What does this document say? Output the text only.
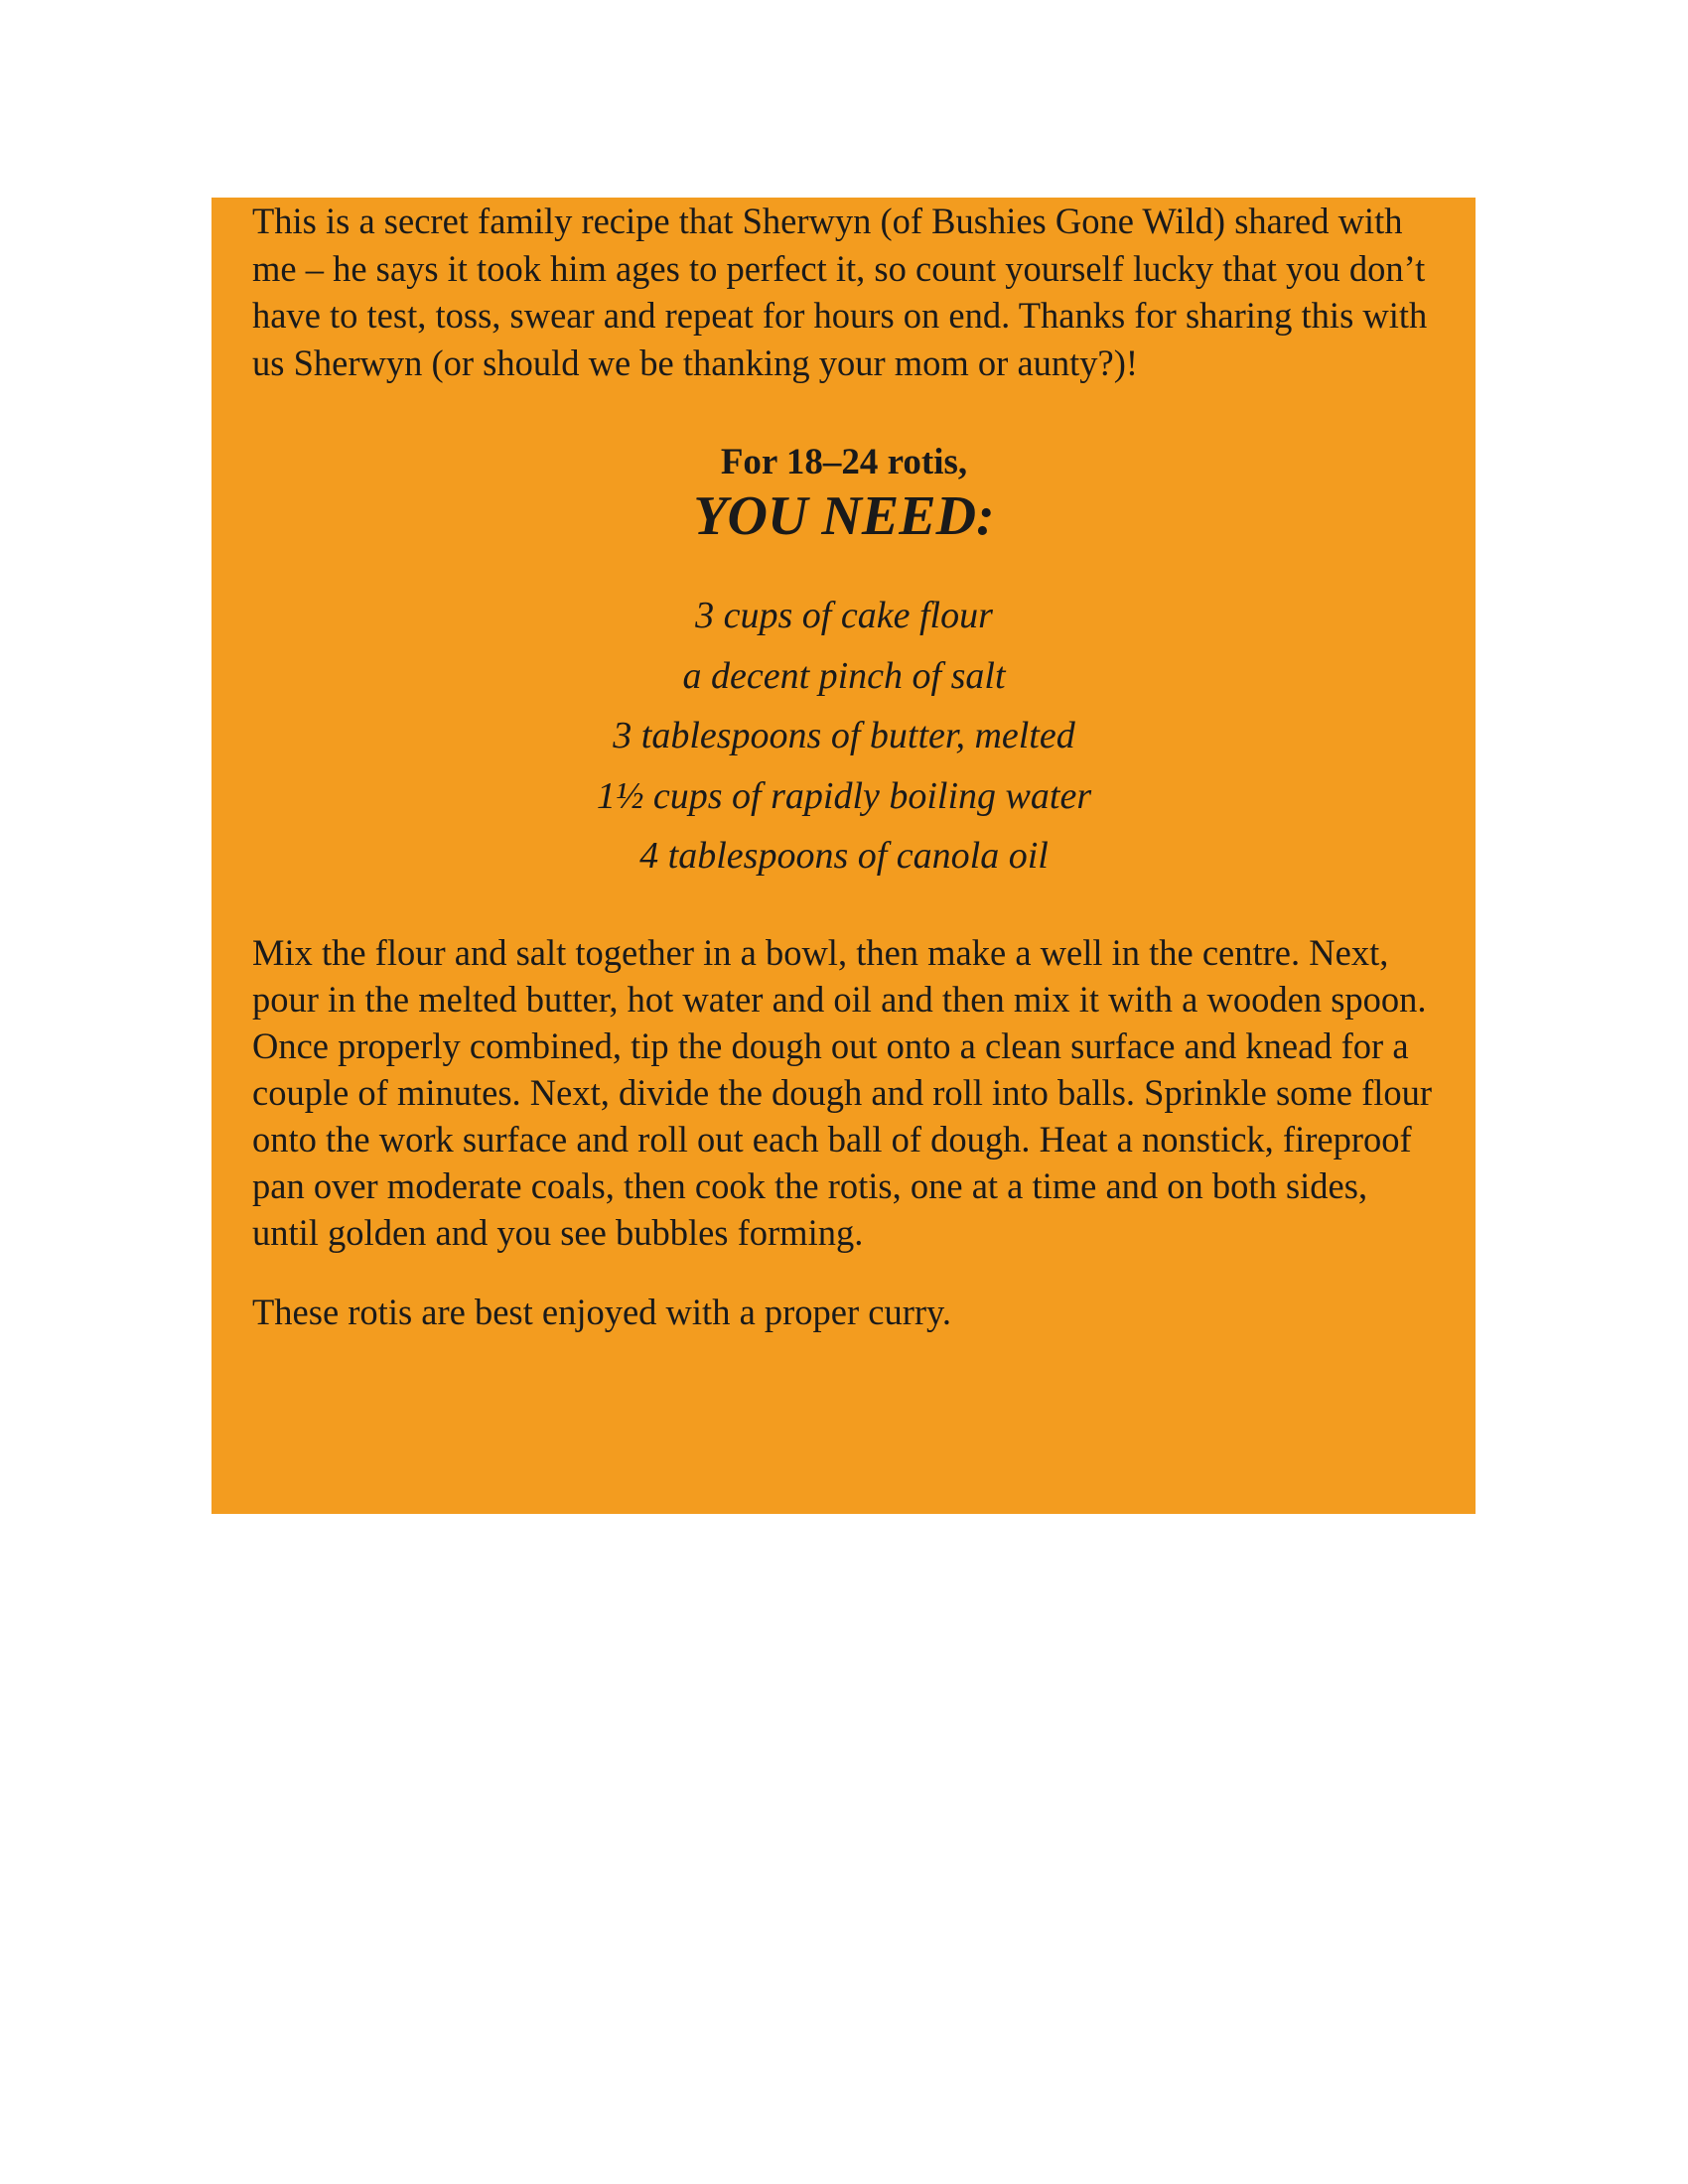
This is a secret family recipe that Sherwyn (of Bushies Gone Wild) shared with me – he says it took him ages to perfect it, so count yourself lucky that you don’t have to test, toss, swear and repeat for hours on end. Thanks for sharing this with us Sherwyn (or should we be thanking your mom or aunty?)!

For 18–24 rotis,
YOU NEED:
3 cups of cake flour
a decent pinch of salt
3 tablespoons of butter, melted
1½ cups of rapidly boiling water
4 tablespoons of canola oil

Mix the flour and salt together in a bowl, then make a well in the centre. Next, pour in the melted butter, hot water and oil and then mix it with a wooden spoon. Once properly combined, tip the dough out onto a clean surface and knead for a couple of minutes. Next, divide the dough and roll into balls. Sprinkle some flour onto the work surface and roll out each ball of dough. Heat a nonstick, fireproof pan over moderate coals, then cook the rotis, one at a time and on both sides, until golden and you see bubbles forming.

These rotis are best enjoyed with a proper curry.
